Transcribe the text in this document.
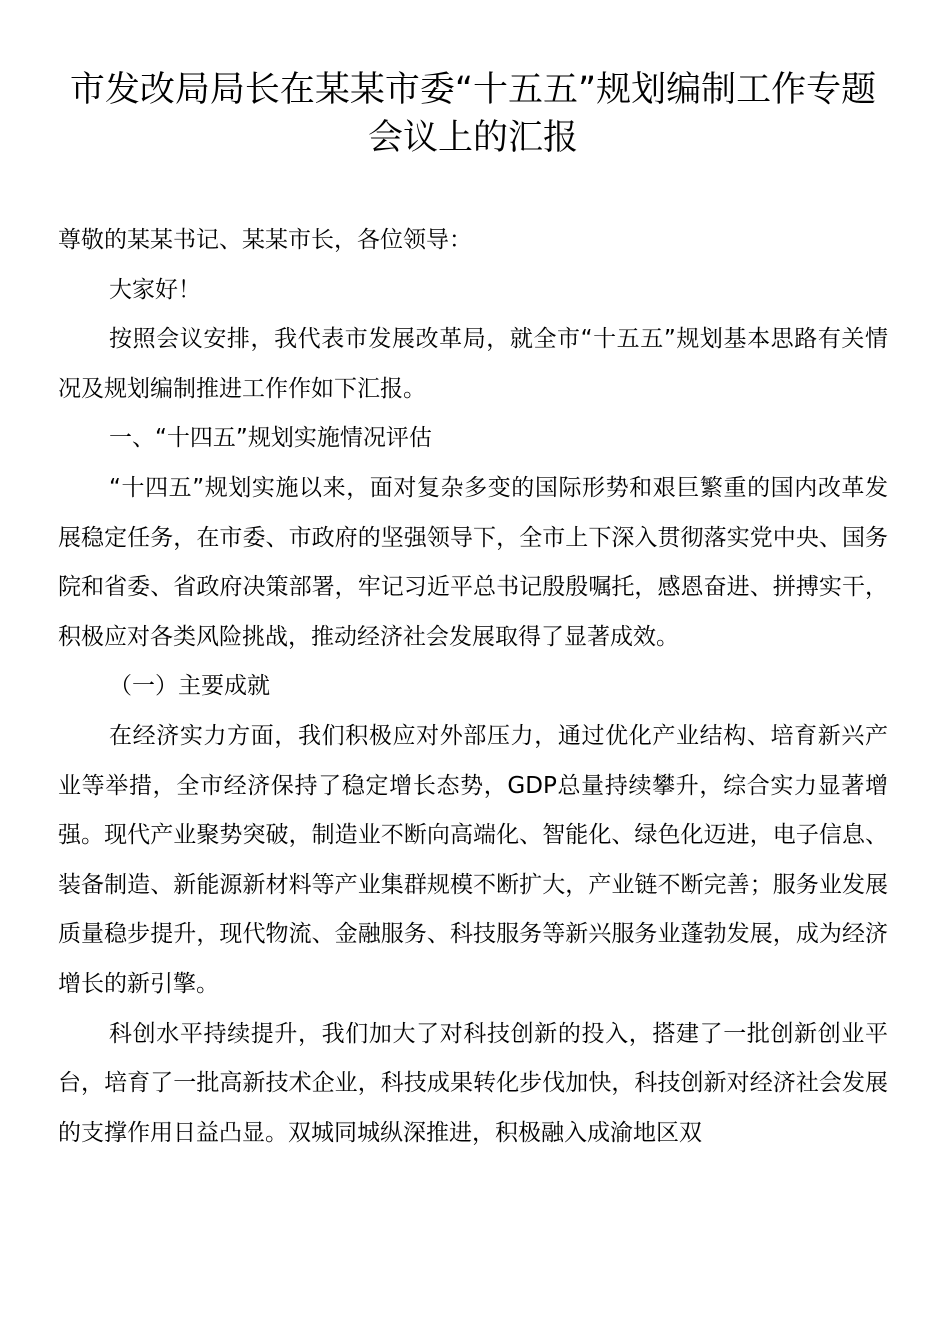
市发改局局长在某某市委“十五五”规划编制工作专题会议上的汇报

尊敬的某某书记、某某市长，各位领导：

大家好！

按照会议安排，我代表市发展改革局，就全市“十五五”规划基本思路有关情况及规划编制推进工作作如下汇报。

一、“十四五”规划实施情况评估

“十四五”规划实施以来，面对复杂多变的国际形势和艰巨繁重的国内改革发展稳定任务，在市委、市政府的坚强领导下，全市上下深入贯彻落实党中央、国务院和省委、省政府决策部署，牢记习近平总书记殷殷嘱托，感恩奋进、拼搏实干，积极应对各类风险挑战，推动经济社会发展取得了显著成效。

（一）主要成就

在经济实力方面，我们积极应对外部压力，通过优化产业结构、培育新兴产业等举措，全市经济保持了稳定增长态势，GDP总量持续攀升，综合实力显著增强。现代产业聚势突破，制造业不断向高端化、智能化、绿色化迈进，电子信息、装备制造、新能源新材料等产业集群规模不断扩大，产业链不断完善；服务业发展质量稳步提升，现代物流、金融服务、科技服务等新兴服务业蓬勃发展，成为经济增长的新引擎。

科创水平持续提升，我们加大了对科技创新的投入，搭建了一批创新创业平台，培育了一批高新技术企业，科技成果转化步伐加快，科技创新对经济社会发展的支撑作用日益凸显。双城同城纵深推进，积极融入成渝地区双
